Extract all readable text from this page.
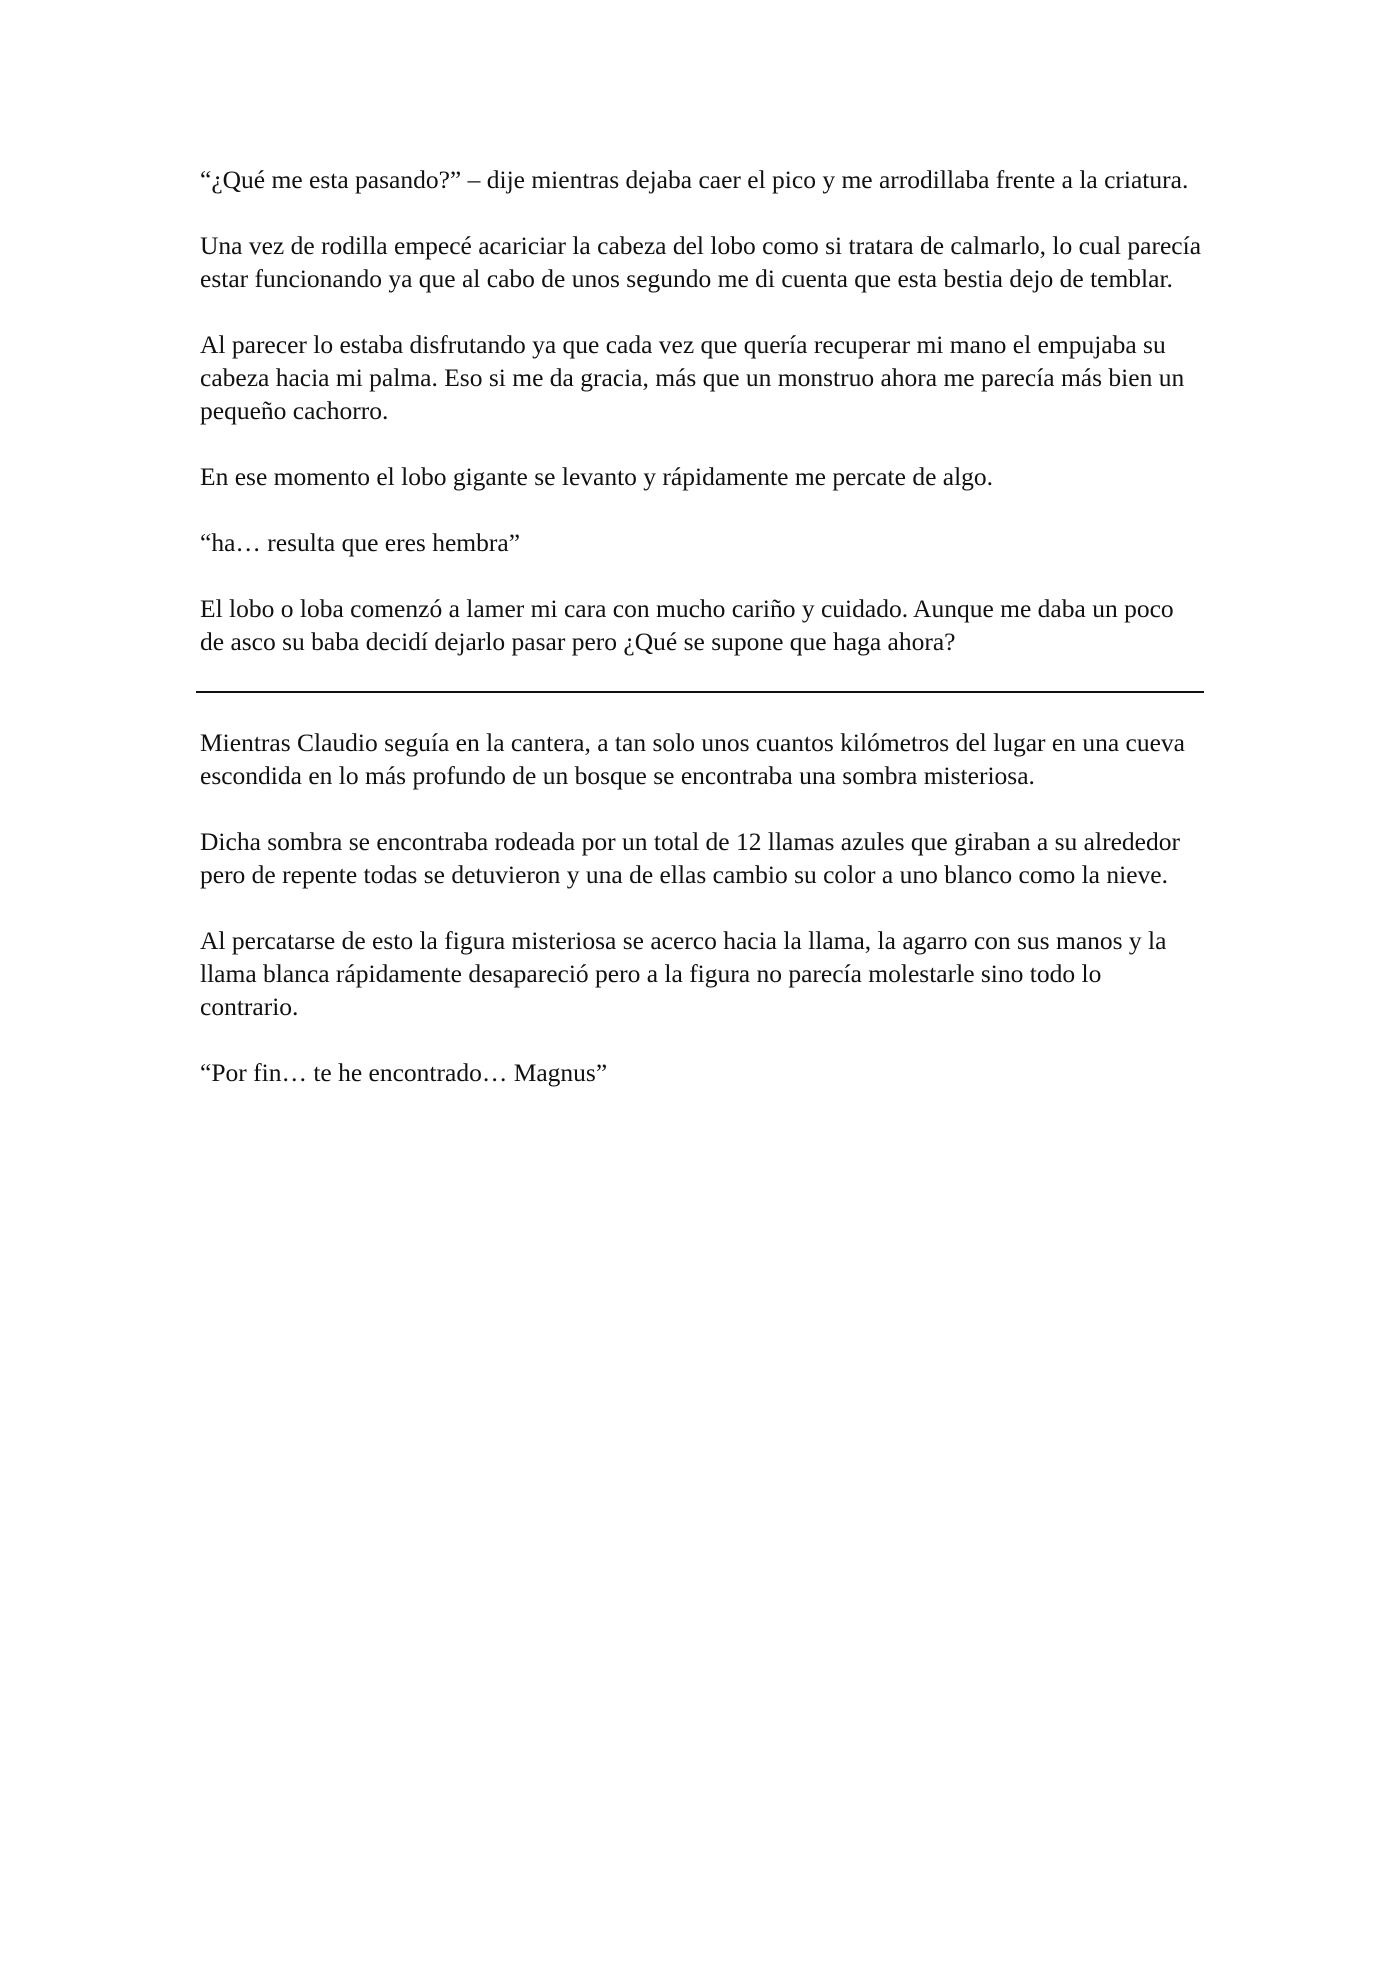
“¿Qué me esta pasando?” – dije mientras dejaba caer el pico y me arrodillaba frente a la criatura.

Una vez de rodilla empecé acariciar la cabeza del lobo como si tratara de calmarlo, lo cual parecía estar funcionando ya que al cabo de unos segundo me di cuenta que esta bestia dejo de temblar.

Al parecer lo estaba disfrutando ya que cada vez que quería recuperar mi mano el empujaba su cabeza hacia mi palma. Eso si me da gracia, más que un monstruo ahora me parecía más bien un pequeño cachorro.

En ese momento el lobo gigante se levanto y rápidamente me percate de algo.

“ha… resulta que eres hembra”

El lobo o loba comenzó a lamer mi cara con mucho cariño y cuidado. Aunque me daba un poco de asco su baba decidí dejarlo pasar pero ¿Qué se supone que haga ahora?

Mientras Claudio seguía en la cantera, a tan solo unos cuantos kilómetros del lugar en una cueva escondida en lo más profundo de un bosque se encontraba una sombra misteriosa.

Dicha sombra se encontraba rodeada por un total de 12 llamas azules que giraban a su alrededor pero de repente todas se detuvieron y una de ellas cambio su color a uno blanco como la nieve.

Al percatarse de esto la figura misteriosa se acerco hacia la llama, la agarro con sus manos y la llama blanca rápidamente desapareció pero a la figura no parecía molestarle sino todo lo contrario.

“Por fin… te he encontrado… Magnus”
